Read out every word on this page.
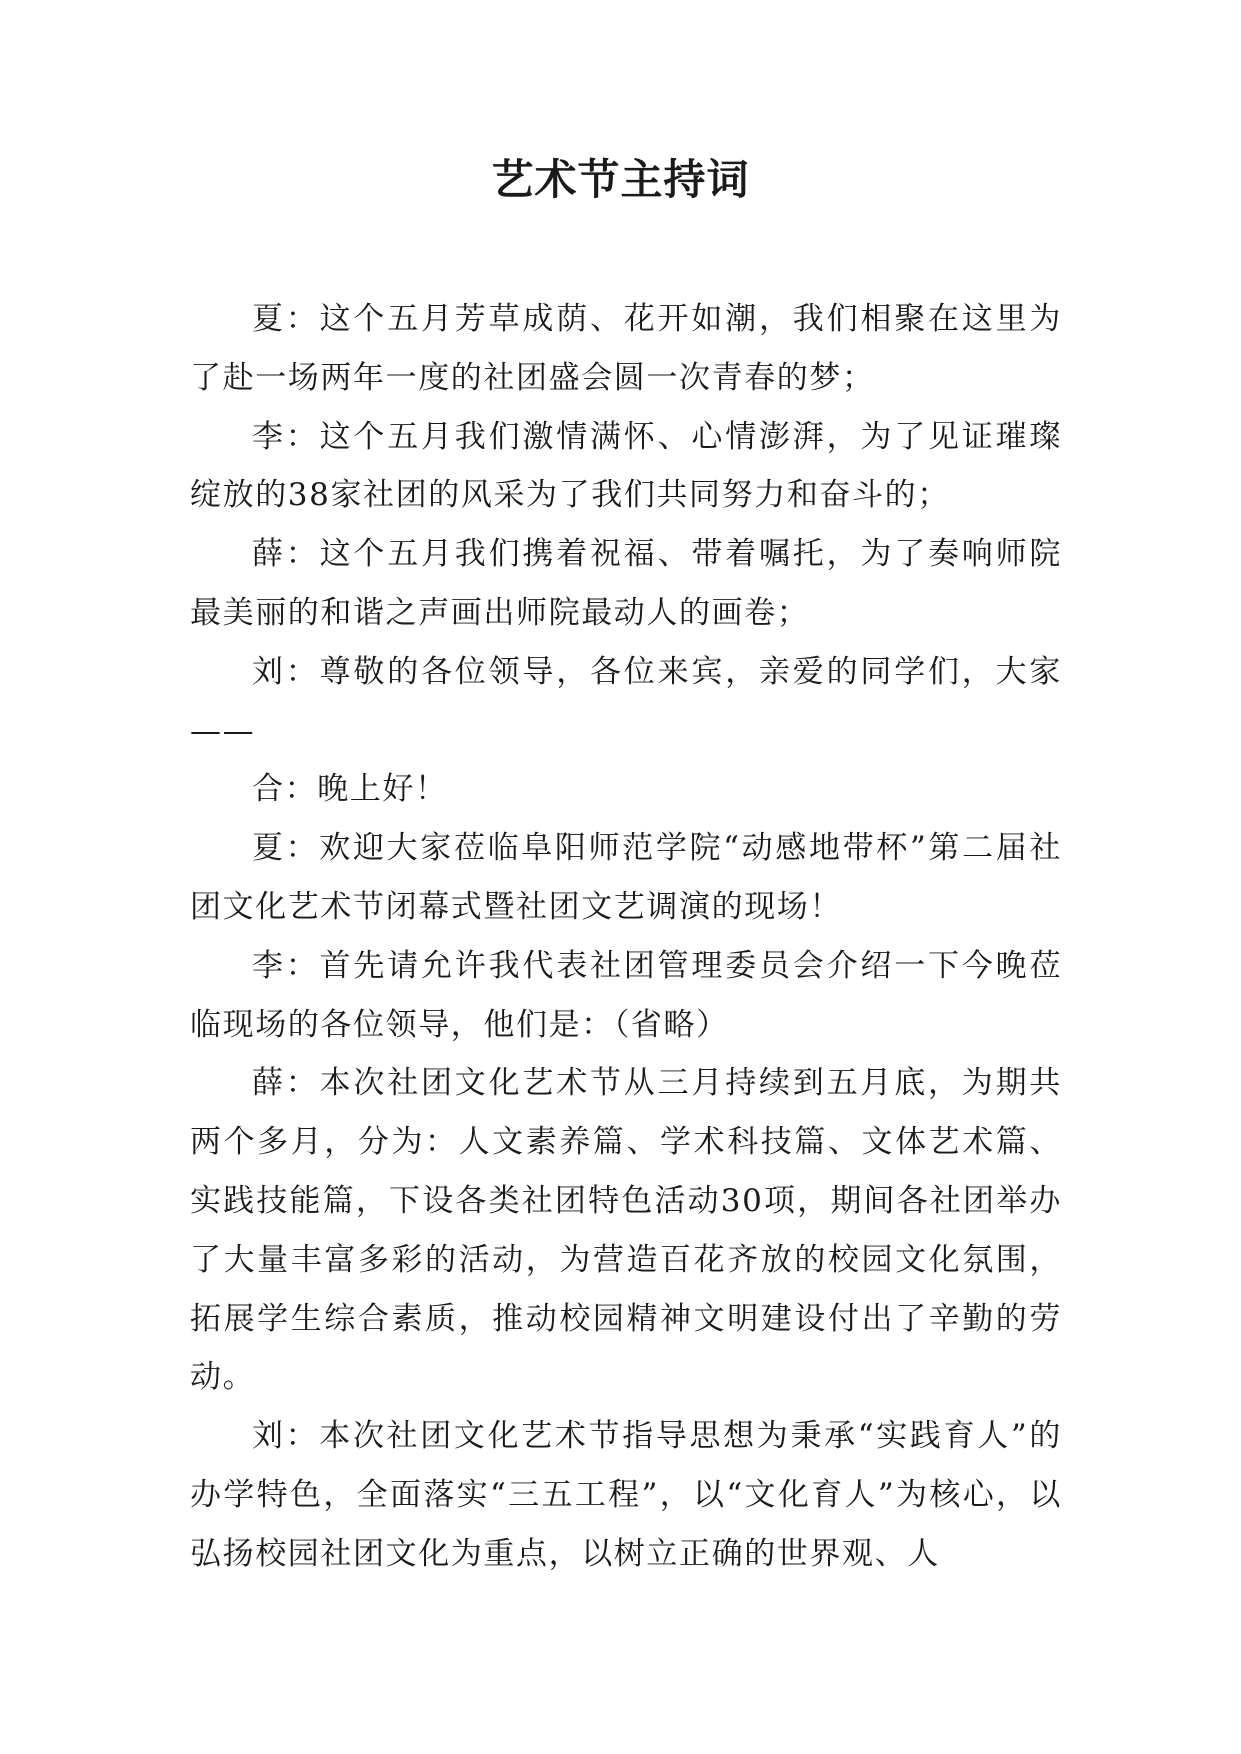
艺术节主持词

夏：这个五月芳草成荫、花开如潮，我们相聚在这里为了赴一场两年一度的社团盛会圆一次青春的梦；

李：这个五月我们激情满怀、心情澎湃，为了见证璀璨绽放的38家社团的风采为了我们共同努力和奋斗的；

薛：这个五月我们携着祝福、带着嘱托，为了奏响师院最美丽的和谐之声画出师院最动人的画卷；

刘：尊敬的各位领导，各位来宾，亲爱的同学们，大家——

合：晚上好！

夏：欢迎大家莅临阜阳师范学院“动感地带杯”第二届社团文化艺术节闭幕式暨社团文艺调演的现场！

李：首先请允许我代表社团管理委员会介绍一下今晚莅临现场的各位领导，他们是：（省略）

薛：本次社团文化艺术节从三月持续到五月底，为期共两个多月，分为：人文素养篇、学术科技篇、文体艺术篇、实践技能篇，下设各类社团特色活动30项，期间各社团举办了大量丰富多彩的活动，为营造百花齐放的校园文化氛围，拓展学生综合素质，推动校园精神文明建设付出了辛勤的劳动。

刘：本次社团文化艺术节指导思想为秉承“实践育人”的办学特色，全面落实“三五工程”，以“文化育人”为核心，以弘扬校园社团文化为重点，以树立正确的世界观、人
